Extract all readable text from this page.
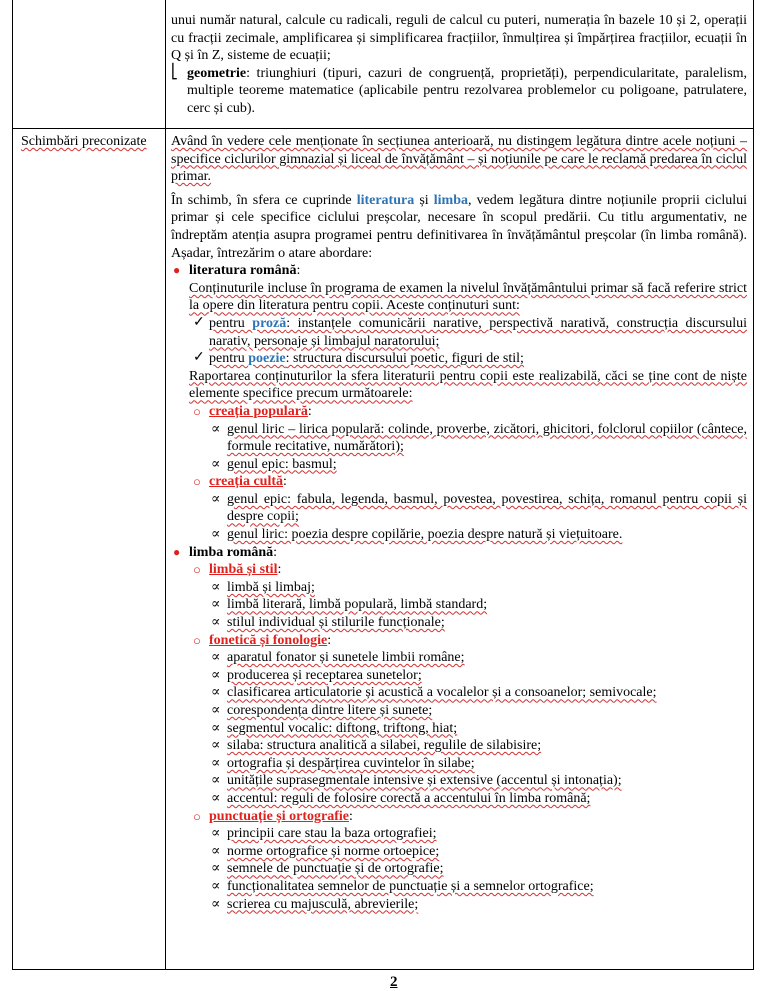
Schimbări preconizate

unui număr natural, calcule cu radicali, reguli de calcul cu puteri, numerația în bazele 10 și 2, operații cu fracții zecimale, amplificarea și simplificarea fracțiilor, înmulțirea și împărțirea fracțiilor, ecuații în Q și în Z, sisteme de ecuații;

⎣ geometrie: triunghiuri (tipuri, cazuri de congruență, proprietăți), perpendicularitate, paralelism, multiple teoreme matematice (aplicabile pentru rezolvarea problemelor cu poligoane, patrulatere, cerc și cub).

Având în vedere cele menționate în secțiunea anterioară, nu distingem legătura dintre acele noțiuni – specifice ciclurilor gimnazial și liceal de învățământ – și noțiunile pe care le reclamă predarea în ciclul primar.

În schimb, în sfera ce cuprinde literatura și limba, vedem legătura dintre noțiunile proprii ciclului primar și cele specifice ciclului preșcolar, necesare în scopul predării. Cu titlu argumentativ, ne îndreptăm atenția asupra programei pentru definitivarea în învățământul preșcolar (în limba română). Așadar, întrezărim o atare abordare:

● literatura română:

Conținuturile incluse în programa de examen la nivelul învățământului primar să facă referire strict la opere din literatura pentru copii. Aceste conținuturi sunt:

✓ pentru proză: instanțele comunicării narative, perspectivă narativă, construcția discursului narativ, personaje și limbajul naratorului;

✓ pentru poezie: structura discursului poetic, figuri de stil;

Raportarea conținuturilor la sfera literaturii pentru copii este realizabilă, căci se ține cont de niște elemente specifice precum următoarele:

○ creația populară:

∝ genul liric – lirica populară: colinde, proverbe, zicători, ghicitori, folclorul copiilor (cântece, formule recitative, numărători);

∝ genul epic: basmul;

○ creația cultă:

∝ genul epic: fabula, legenda, basmul, povestea, povestirea, schița, romanul pentru copii și despre copii;

∝ genul liric: poezia despre copilărie, poezia despre natură și viețuitoare.

● limba română:
○ limbă și stil:

∝ limbă și limbaj;

∝ limbă literară, limbă populară, limbă standard;

∝ stilul individual și stilurile funcționale;

○ fonetică și fonologie:

∝ aparatul fonator și sunetele limbii române;

∝ producerea și receptarea sunetelor;

∝ clasificarea articulatorie și acustică a vocalelor și a consoanelor; semivocale;

∝ corespondența dintre litere și sunete;

∝ segmentul vocalic: diftong, triftong, hiat;

∝ silaba: structura analitică a silabei, regulile de silabisire;

∝ ortografia și despărțirea cuvintelor în silabe;

∝ unitățile suprasegmentale intensive și extensive (accentul și intonația);

∝ accentul: reguli de folosire corectă a accentului în limba română;

○ punctuație și ortografie:

∝ principii care stau la baza ortografiei;

∝ norme ortografice și norme ortoepice;

∝ semnele de punctuație și de ortografie;

∝ funcționalitatea semnelor de punctuație și a semnelor ortografice;

∝ scrierea cu majusculă, abrevierile;

2
